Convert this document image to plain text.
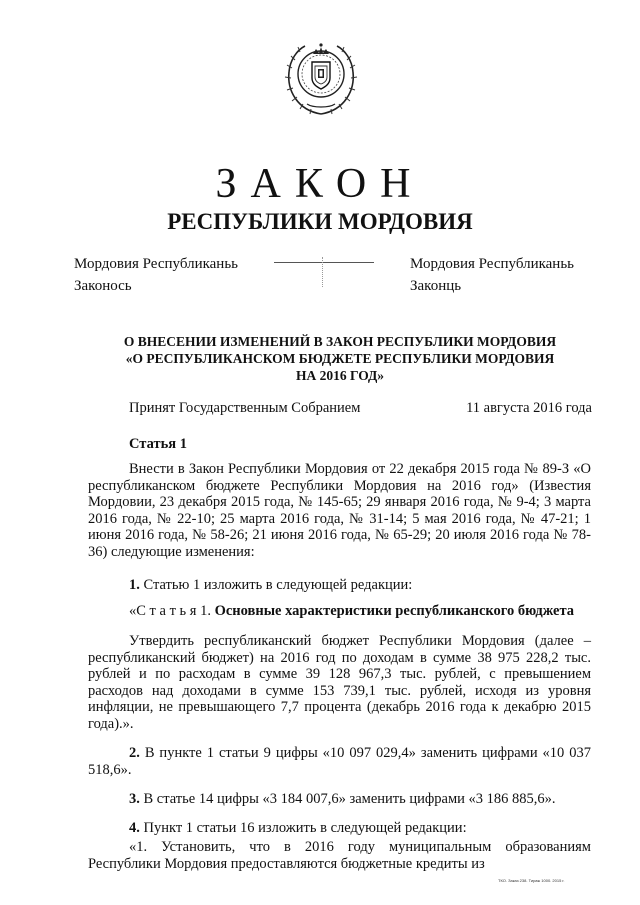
ЗАКОН
РЕСПУБЛИКИ МОРДОВИЯ
Мордовия Республиканьь
Законось
Мордовия Республиканьь
Законць
О ВНЕСЕНИИ ИЗМЕНЕНИЙ В ЗАКОН РЕСПУБЛИКИ МОРДОВИЯ
«О РЕСПУБЛИКАНСКОМ БЮДЖЕТЕ РЕСПУБЛИКИ МОРДОВИЯ
НА 2016 ГОД»
Принят Государственным Собранием	11 августа 2016 года
Статья 1

Внести в Закон Республики Мордовия от 22 декабря 2015 года № 89-З «О республиканском бюджете Республики Мордовия на 2016 год» (Известия Мордовии, 23 декабря 2015 года, № 145-65; 29 января 2016 года, № 9-4; 3 марта 2016 года, № 22-10; 25 марта 2016 года, № 31-14; 5 мая 2016 года, № 47-21; 1 июня 2016 года, № 58-26; 21 июня 2016 года, № 65-29; 20 июля 2016 года № 78-36) следующие изменения:

1. Статью 1 изложить в следующей редакции:

«С т а т ь я 1. Основные характеристики республиканского бюджета

Утвердить республиканский бюджет Республики Мордовия (далее – республиканский бюджет) на 2016 год по доходам в сумме 38 975 228,2 тыс. рублей и по расходам в сумме 39 128 967,3 тыс. рублей, с превышением расходов над доходами в сумме 153 739,1 тыс. рублей, исходя из уровня инфляции, не превышающего 7,7 процента (декабрь 2016 года к декабрю 2015 года).».

2. В пункте 1 статьи 9 цифры «10 097 029,4» заменить цифрами «10 037 518,6».

3. В статье 14 цифры «3 184 007,6» заменить цифрами «3 186 885,6».

4. Пункт 1 статьи 16 изложить в следующей редакции:

«1. Установить, что в 2016 году муниципальным образованиям Республики Мордовия предоставляются бюджетные кредиты из

ТКО. Заказ 238. Тираж 1000. 2015 г.
